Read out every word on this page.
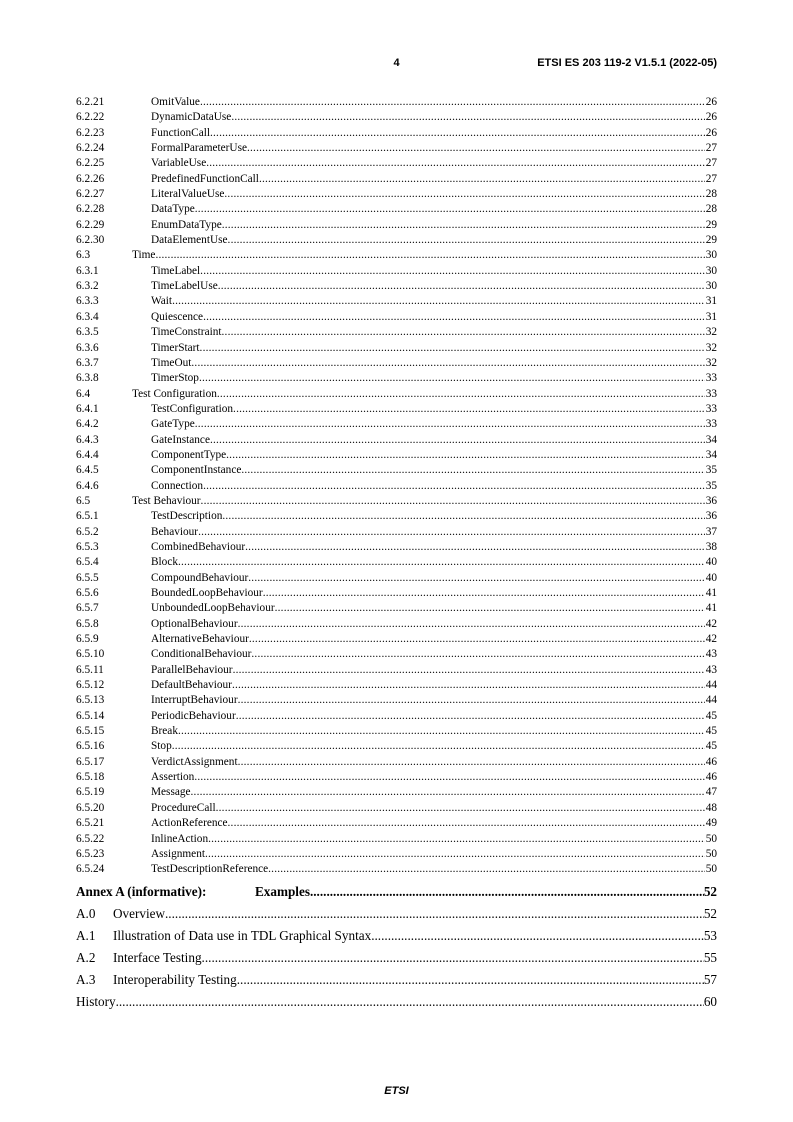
4	ETSI ES 203 119-2 V1.5.1 (2022-05)
6.2.21	OmitValue .....	26
6.2.22	DynamicDataUse .....	26
6.2.23	FunctionCall .....	26
6.2.24	FormalParameterUse .....	27
6.2.25	VariableUse .....	27
6.2.26	PredefinedFunctionCall .....	27
6.2.27	LiteralValueUse .....	28
6.2.28	DataType .....	28
6.2.29	EnumDataType .....	29
6.2.30	DataElementUse .....	29
6.3	Time .....	30
6.3.1	TimeLabel .....	30
6.3.2	TimeLabelUse .....	30
6.3.3	Wait .....	31
6.3.4	Quiescence .....	31
6.3.5	TimeConstraint .....	32
6.3.6	TimerStart .....	32
6.3.7	TimeOut .....	32
6.3.8	TimerStop .....	33
6.4	Test Configuration .....	33
6.4.1	TestConfiguration .....	33
6.4.2	GateType .....	33
6.4.3	GateInstance .....	34
6.4.4	ComponentType .....	34
6.4.5	ComponentInstance .....	35
6.4.6	Connection .....	35
6.5	Test Behaviour .....	36
6.5.1	TestDescription .....	36
6.5.2	Behaviour .....	37
6.5.3	CombinedBehaviour .....	38
6.5.4	Block .....	40
6.5.5	CompoundBehaviour .....	40
6.5.6	BoundedLoopBehaviour .....	41
6.5.7	UnboundedLoopBehaviour .....	41
6.5.8	OptionalBehaviour .....	42
6.5.9	AlternativeBehaviour .....	42
6.5.10	ConditionalBehaviour .....	43
6.5.11	ParallelBehaviour .....	43
6.5.12	DefaultBehaviour .....	44
6.5.13	InterruptBehaviour .....	44
6.5.14	PeriodicBehaviour .....	45
6.5.15	Break .....	45
6.5.16	Stop .....	45
6.5.17	VerdictAssignment .....	46
6.5.18	Assertion .....	46
6.5.19	Message .....	47
6.5.20	ProcedureCall .....	48
6.5.21	ActionReference .....	49
6.5.22	InlineAction .....	50
6.5.23	Assignment .....	50
6.5.24	TestDescriptionReference .....	50
Annex A (informative):	Examples .....	52
A.0	Overview .....	52
A.1	Illustration of Data use in TDL Graphical Syntax .....	53
A.2	Interface Testing .....	55
A.3	Interoperability Testing .....	57
History .....	60
ETSI
